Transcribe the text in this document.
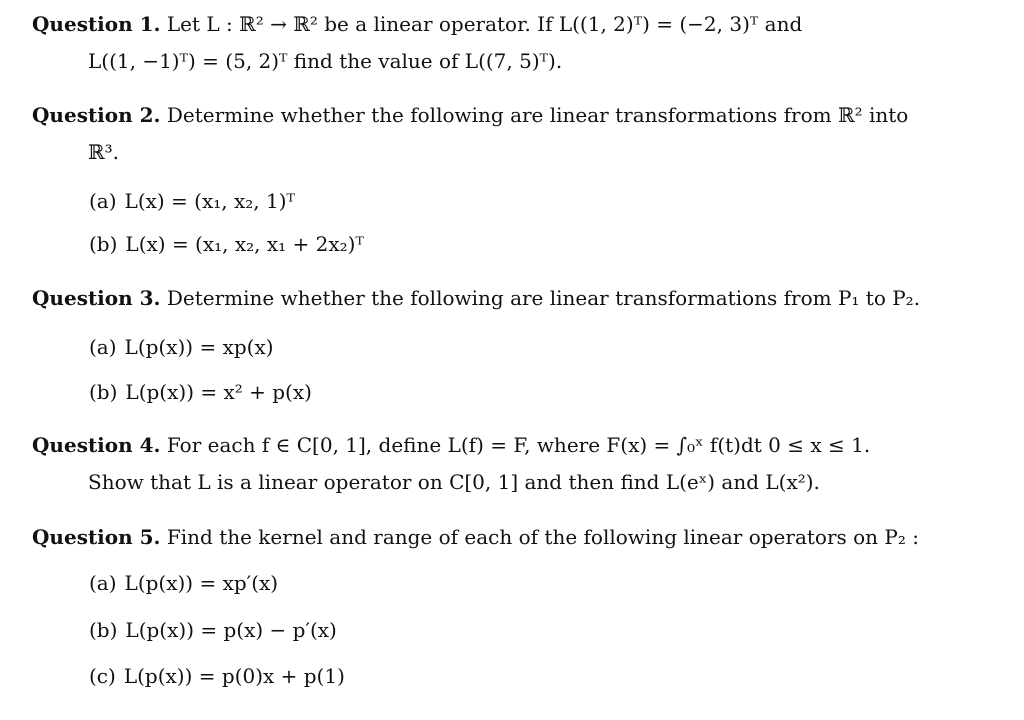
Question 1. Let L : ℝ² → ℝ² be a linear operator. If L((1, 2)ᵀ) = (−2, 3)ᵀ and
L((1, −1)ᵀ) = (5, 2)ᵀ find the value of L((7, 5)ᵀ).
Question 2. Determine whether the following are linear transformations from ℝ² into
ℝ³.
(a) L(x) = (x₁, x₂, 1)ᵀ
(b) L(x) = (x₁, x₂, x₁ + 2x₂)ᵀ
Question 3. Determine whether the following are linear transformations from P₁ to P₂.
(a) L(p(x)) = xp(x)
(b) L(p(x)) = x² + p(x)
Question 4. For each f ∈ C[0, 1], define L(f) = F, where F(x) = ∫₀ˣ f(t)dt 0 ≤ x ≤ 1.
Show that L is a linear operator on C[0, 1] and then find L(eˣ) and L(x²).
Question 5. Find the kernel and range of each of the following linear operators on P₂ :
(a) L(p(x)) = xp′(x)
(b) L(p(x)) = p(x) − p′(x)
(c) L(p(x)) = p(0)x + p(1)
